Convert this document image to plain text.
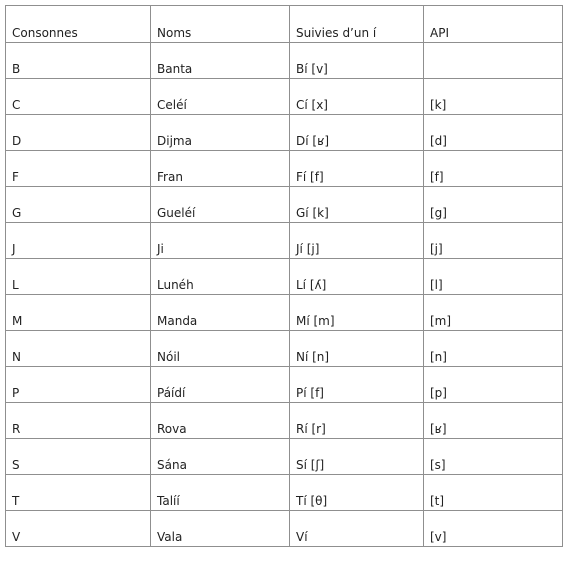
Consonnes	Noms	Suivies d’un í	API
B	Banta	Bí [v]	
C	Celéí	Cí [x]	[k]
D	Dijma	Dí [ʁ]	[d]
F	Fran	Fí [f]	[f]
G	Gueléí	Gí [k]	[g]
J	Ji	Jí [j]	[j]
L	Lunéh	Lí [ʎ]	[l]
M	Manda	Mí [m]	[m]
N	Nóil	Ní [n]	[n]
P	Páídí	Pí [f]	[p]
R	Rova	Rí [r]	[ʁ]
S	Sána	Sí [ʃ]	[s]
T	Talíí	Tí [θ]	[t]
V	Vala	Ví	[v]
